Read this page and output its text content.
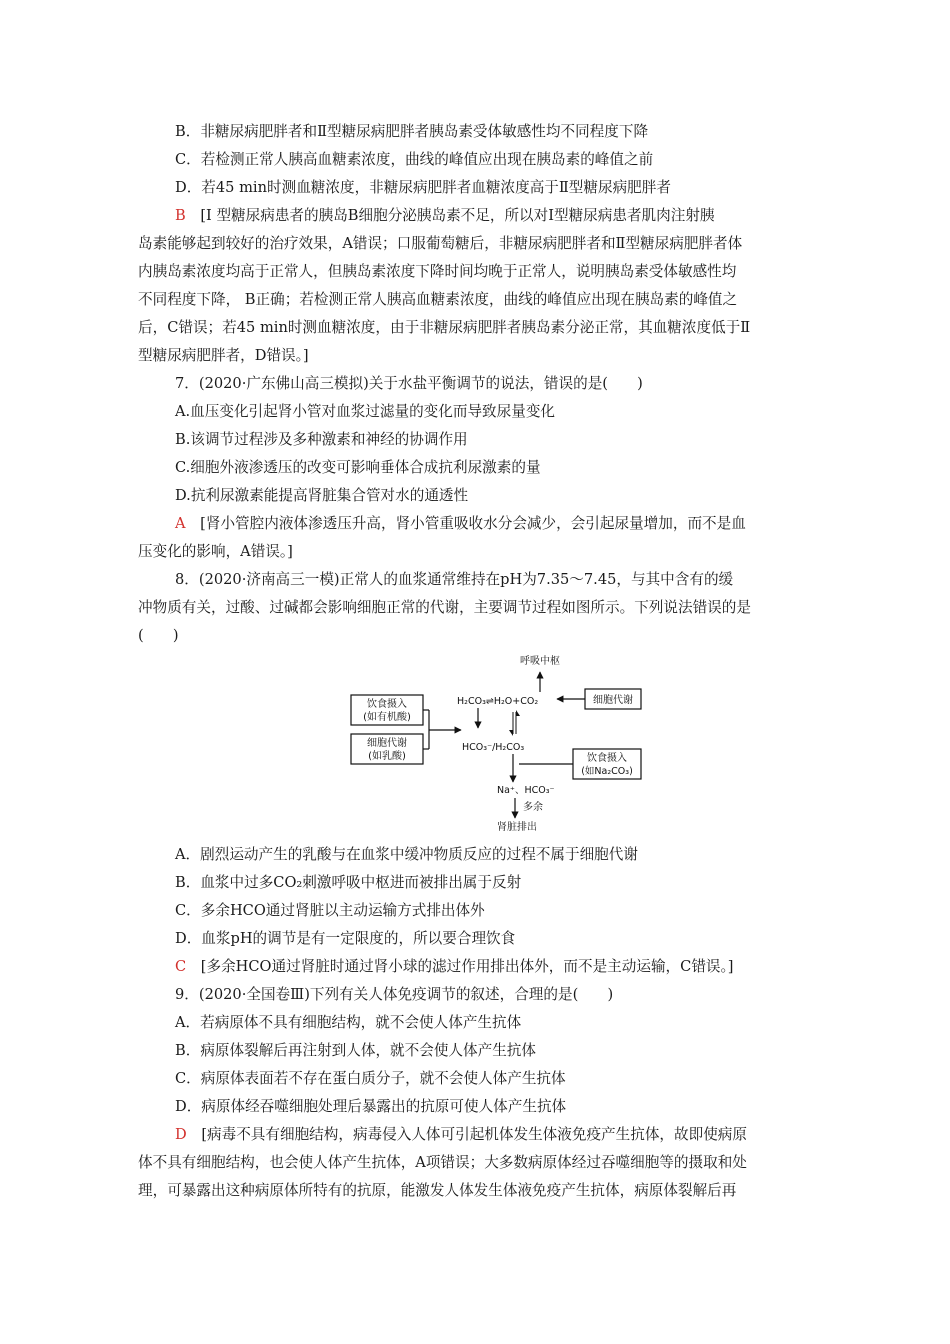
B．非糖尿病肥胖者和Ⅱ型糖尿病肥胖者胰岛素受体敏感性均不同程度下降
C．若检测正常人胰高血糖素浓度，曲线的峰值应出现在胰岛素的峰值之前
D．若45 min时测血糖浓度，非糖尿病肥胖者血糖浓度高于Ⅱ型糖尿病肥胖者
B　 [Ⅰ 型糖尿病患者的胰岛B细胞分泌胰岛素不足，所以对Ⅰ型糖尿病患者肌肉注射胰
岛素能够起到较好的治疗效果，A错误；口服葡萄糖后，非糖尿病肥胖者和Ⅱ型糖尿病肥胖者体
内胰岛素浓度均高于正常人，但胰岛素浓度下降时间均晚于正常人，说明胰岛素受体敏感性均
不同程度下降， B正确；若检测正常人胰高血糖素浓度，曲线的峰值应出现在胰岛素的峰值之
后，C错误；若45 min时测血糖浓度，由于非糖尿病肥胖者胰岛素分泌正常，其血糖浓度低于Ⅱ
型糖尿病肥胖者，D错误。]
7．(2020·广东佛山高三模拟)关于水盐平衡调节的说法，错误的是(　　)
A.血压变化引起肾小管对血浆过滤量的变化而导致尿量变化
B.该调节过程涉及多种激素和神经的协调作用
C.细胞外液渗透压的改变可影响垂体合成抗利尿激素的量
D.抗利尿激素能提高肾脏集合管对水的通透性
A　 [肾小管腔内液体渗透压升高，肾小管重吸收水分会减少，会引起尿量增加，而不是血
压变化的影响，A错误。]
8．(2020·济南高三一模)正常人的血浆通常维持在pH为7.35～7.45，与其中含有的缓
冲物质有关，过酸、过碱都会影响细胞正常的代谢，主要调节过程如图所示。下列说法错误的是
(　　)
饮食摄入
(如有机酸)
细胞代谢
(如乳酸)
呼吸中枢
H₂CO₃⇌H₂O+CO₂	细胞代谢
HCO₃⁻/H₂CO₃
饮食摄入
(如Na₂CO₃)
Na⁺、HCO₃⁻
多余
肾脏排出
A．剧烈运动产生的乳酸与在血浆中缓冲物质反应的过程不属于细胞代谢
B．血浆中过多CO₂刺激呼吸中枢进而被排出属于反射
C．多余HCO通过肾脏以主动运输方式排出体外
D．血浆pH的调节是有一定限度的，所以要合理饮食
C　 [多余HCO通过肾脏时通过肾小球的滤过作用排出体外，而不是主动运输，C错误。]
9．(2020·全国卷Ⅲ)下列有关人体免疫调节的叙述，合理的是(　　)
A．若病原体不具有细胞结构，就不会使人体产生抗体
B．病原体裂解后再注射到人体，就不会使人体产生抗体
C．病原体表面若不存在蛋白质分子，就不会使人体产生抗体
D．病原体经吞噬细胞处理后暴露出的抗原可使人体产生抗体
D　 [病毒不具有细胞结构，病毒侵入人体可引起机体发生体液免疫产生抗体，故即使病原
体不具有细胞结构，也会使人体产生抗体，A项错误；大多数病原体经过吞噬细胞等的摄取和处
理，可暴露出这种病原体所特有的抗原，能激发人体发生体液免疫产生抗体，病原体裂解后再
